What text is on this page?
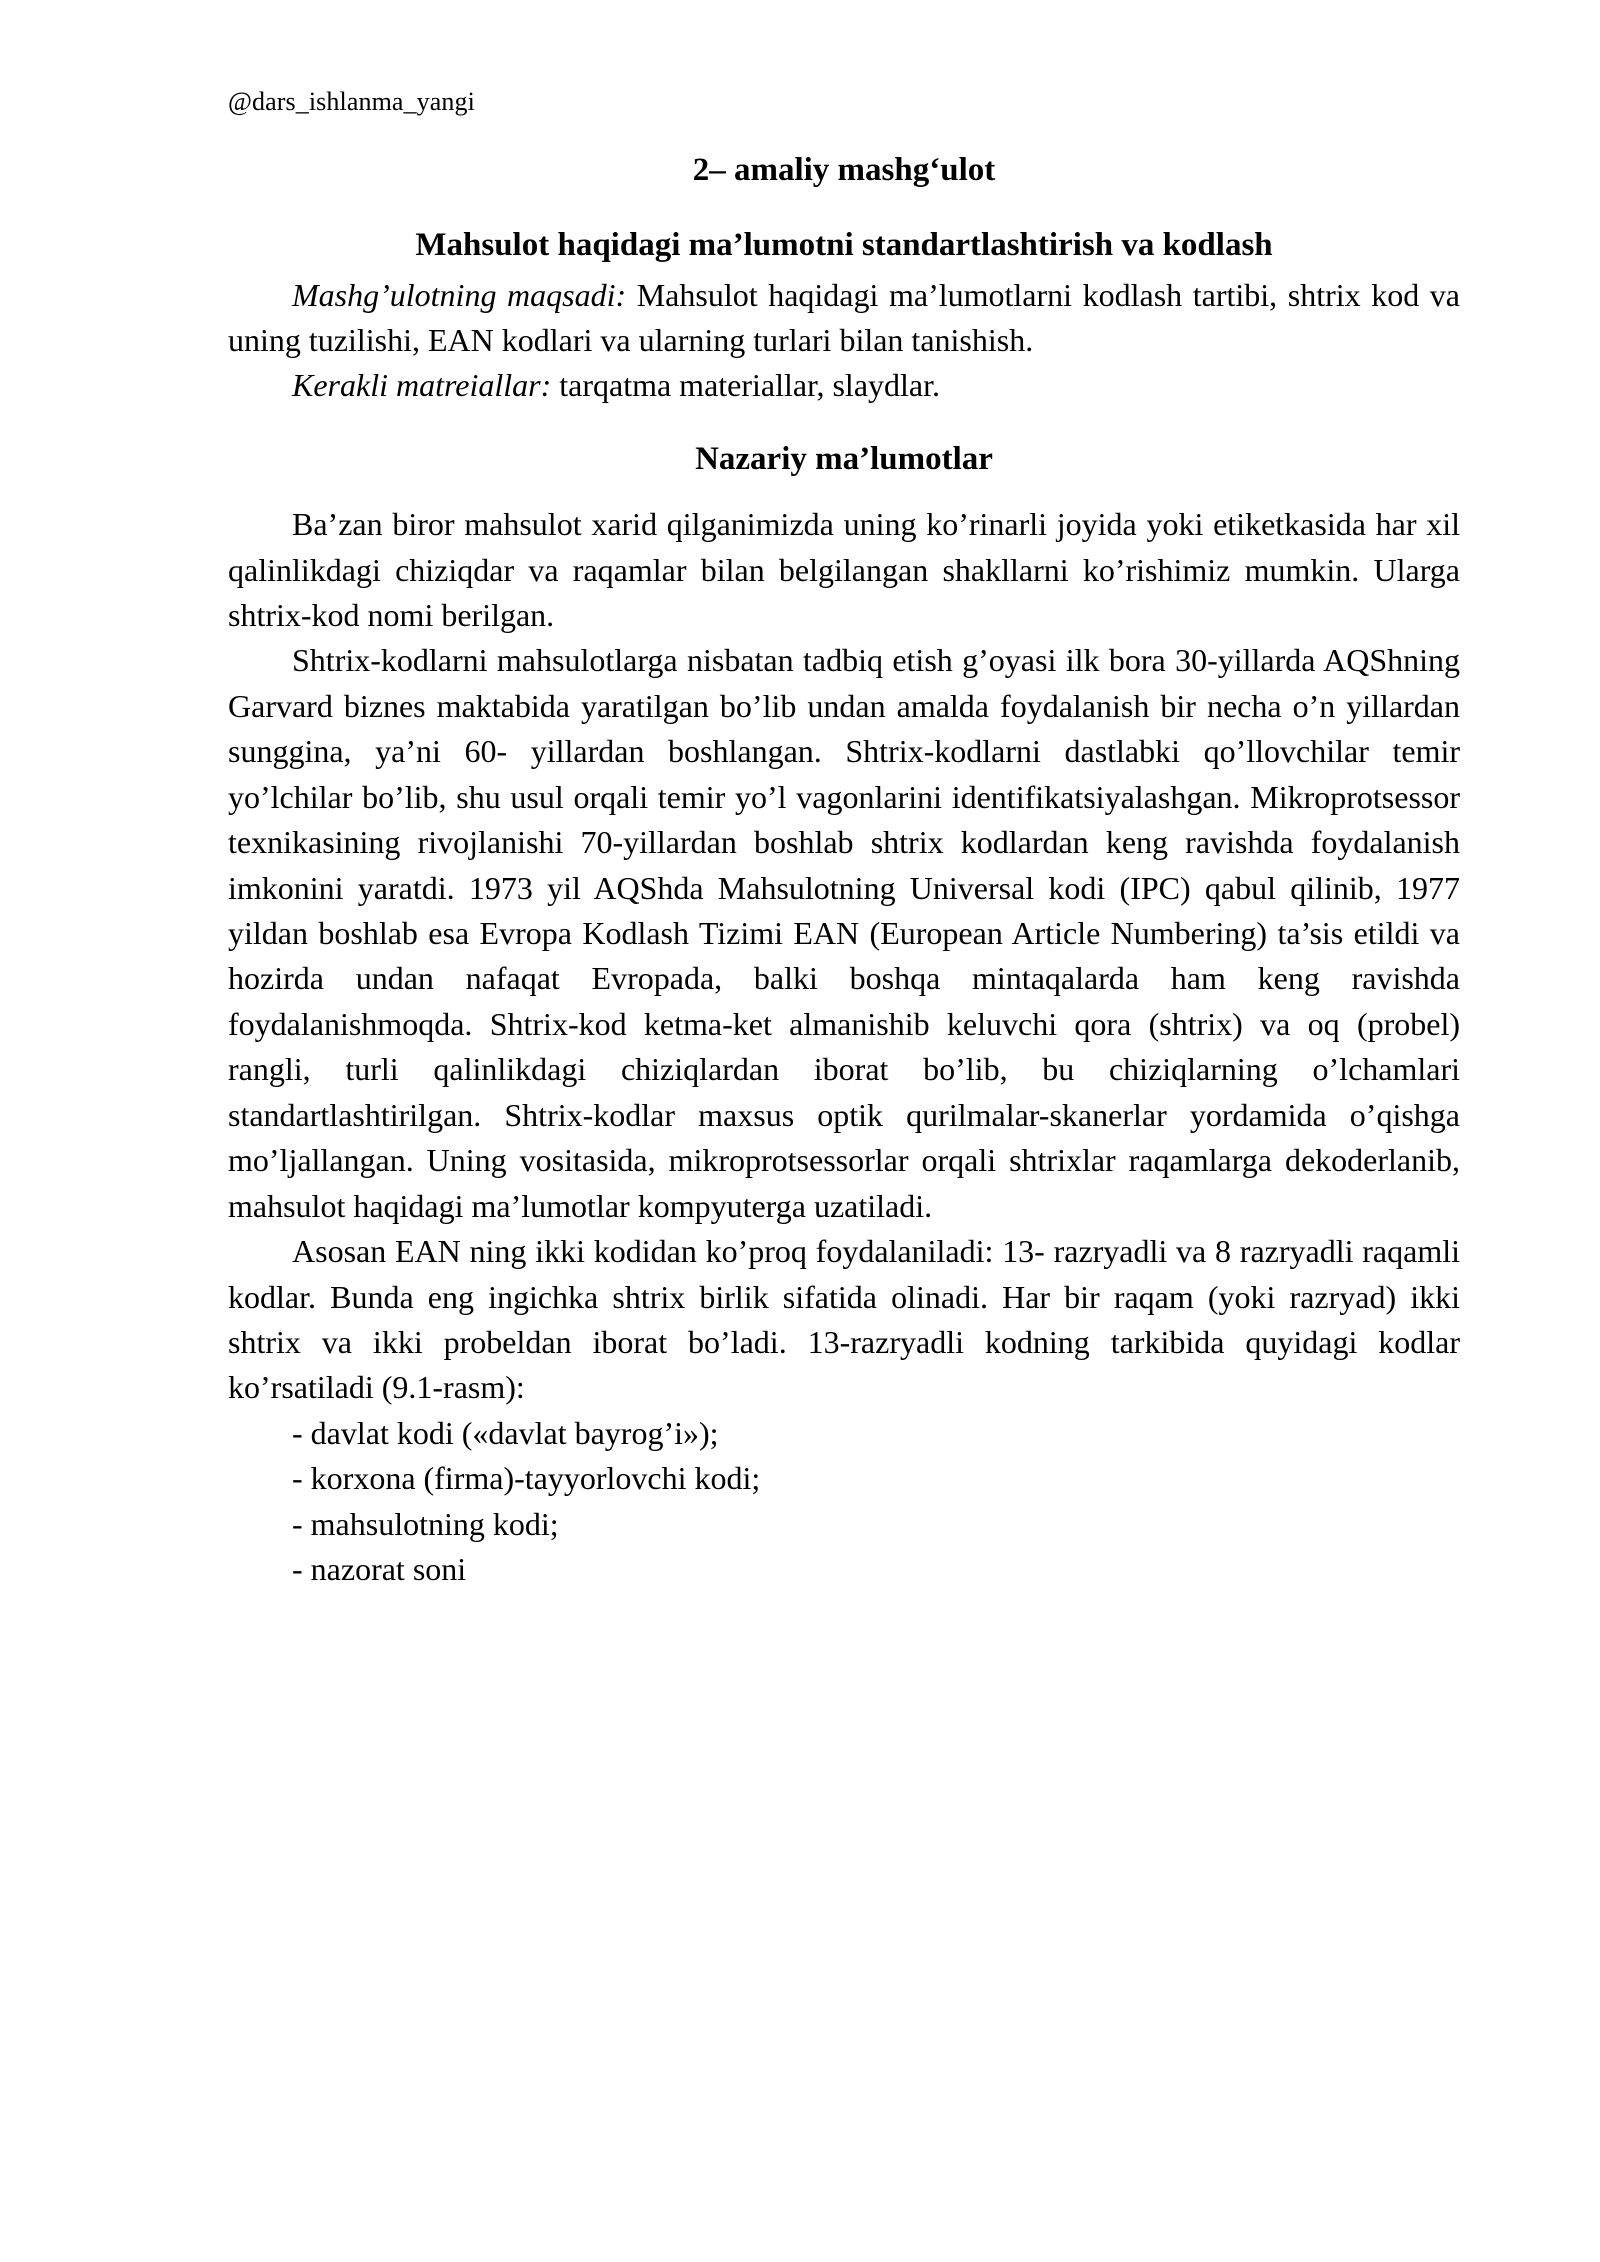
@dars_ishlanma_yangi
2– amaliy mashg‘ulot
Mahsulot haqidagi ma’lumotni standartlashtirish va kodlash

Mashg’ulotning maqsadi: Mahsulot haqidagi ma’lumotlarni kodlash tartibi, shtrix kod va uning tuzilishi, EAN kodlari va ularning turlari bilan tanishish.

Kerakli matreiallar: tarqatma materiallar, slaydlar.

Nazariy ma’lumotlar

Ba’zan biror mahsulot xarid qilganimizda uning ko’rinarli joyida yoki etiketkasida har xil qalinlikdagi chiziqdar va raqamlar bilan belgilangan shakllarni ko’rishimiz mumkin. Ularga shtrix-kod nomi berilgan.

Shtrix-kodlarni mahsulotlarga nisbatan tadbiq etish g’oyasi ilk bora 30-yillarda AQShning Garvard biznes maktabida yaratilgan bo’lib undan amalda foydalanish bir necha o’n yillardan sunggina, ya’ni 60- yillardan boshlangan. Shtrix-kodlarni dastlabki qo’llovchilar temir yo’lchilar bo’lib, shu usul orqali temir yo’l vagonlarini identifikatsiyalashgan. Mikroprotsessor texnikasining rivojlanishi 70-yillardan boshlab shtrix kodlardan keng ravishda foydalanish imkonini yaratdi. 1973 yil AQShda Mahsulotning Universal kodi (IPC) qabul qilinib, 1977 yildan boshlab esa Evropa Kodlash Tizimi EAN (European Article Numbering) ta’sis etildi va hozirda undan nafaqat Evropada, balki boshqa mintaqalarda ham keng ravishda foydalanishmoqda. Shtrix-kod ketma-ket almanishib keluvchi qora (shtrix) va oq (probel) rangli, turli qalinlikdagi chiziqlardan iborat bo’lib, bu chiziqlarning o’lchamlari standartlashtirilgan. Shtrix-kodlar maxsus optik qurilmalar-skanerlar yordamida o’qishga mo’ljallangan. Uning vositasida, mikroprotsessorlar orqali shtrixlar raqamlarga dekoderlanib, mahsulot haqidagi ma’lumotlar kompyuterga uzatiladi.

Asosan EAN ning ikki kodidan ko’proq foydalaniladi: 13- razryadli va 8 razryadli raqamli kodlar. Bunda eng ingichka shtrix birlik sifatida olinadi. Har bir raqam (yoki razryad) ikki shtrix va ikki probeldan iborat bo’ladi. 13-razryadli kodning tarkibida quyidagi kodlar ko’rsatiladi (9.1-rasm):

- davlat kodi («davlat bayrog’i»);
- korxona (firma)-tayyorlovchi kodi;
- mahsulotning kodi;
- nazorat soni
